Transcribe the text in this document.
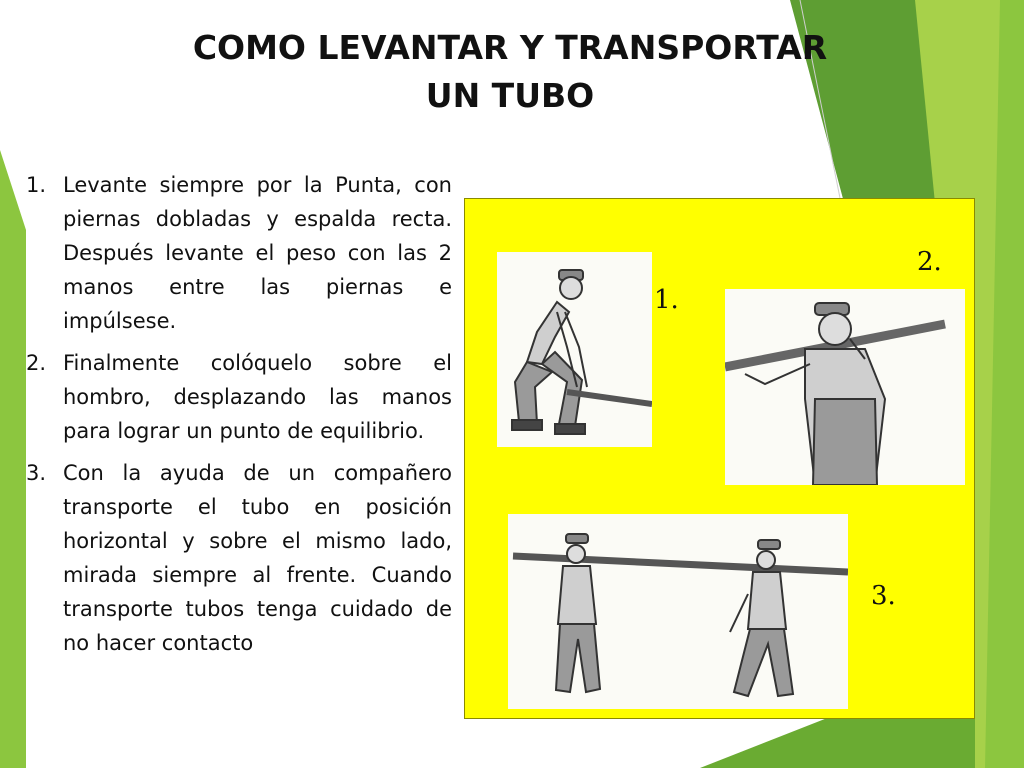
COMO LEVANTAR Y TRANSPORTAR
UN TUBO
1. Levante siempre por la Punta, con piernas dobladas y espalda recta. Después levante el peso con las 2 manos entre las piernas e impúlsese.
2. Finalmente colóquelo sobre el hombro, desplazando las manos para lograr un punto de equilibrio.
3. Con la ayuda de un compañero transporte el tubo en posición horizontal y sobre el mismo lado, mirada siempre al frente. Cuando transporte tubos tenga cuidado de no hacer contacto
1.
2.
3.
